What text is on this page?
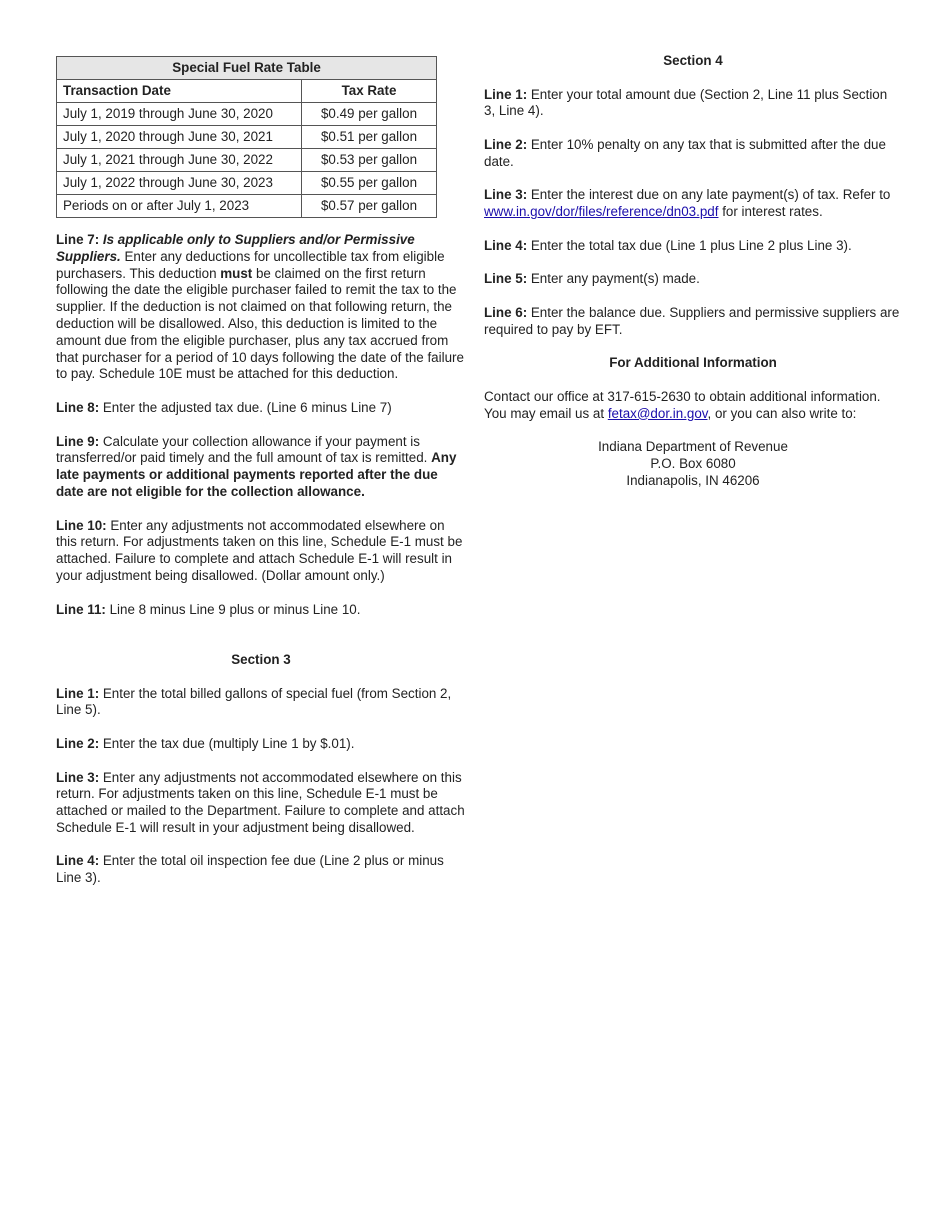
Special Fuel Rate Table	
Transaction Date	Tax Rate
July 1, 2019 through June 30, 2020	$0.49 per gallon
July 1, 2020 through June 30, 2021	$0.51 per gallon
July 1, 2021 through June 30, 2022	$0.53 per gallon
July 1, 2022 through June 30, 2023	$0.55 per gallon
Periods on or after July 1, 2023	$0.57 per gallon

Line 7: Is applicable only to Suppliers and/or Permissive Suppliers. Enter any deductions for uncollectible tax from eligible purchasers. This deduction must be claimed on the first return following the date the eligible purchaser failed to remit the tax to the supplier. If the deduction is not claimed on that following return, the deduction will be disallowed. Also, this deduction is limited to the amount due from the eligible purchaser, plus any tax accrued from that purchaser for a period of 10 days following the date of the failure to pay. Schedule 10E must be attached for this deduction.

Line 8: Enter the adjusted tax due. (Line 6 minus Line 7)

Line 9: Calculate your collection allowance if your payment is transferred/or paid timely and the full amount of tax is remitted. Any late payments or additional payments reported after the due date are not eligible for the collection allowance.

Line 10: Enter any adjustments not accommodated elsewhere on this return. For adjustments taken on this line, Schedule E-1 must be attached. Failure to complete and attach Schedule E-1 will result in your adjustment being disallowed. (Dollar amount only.)

Line 11: Line 8 minus Line 9 plus or minus Line 10.

Section 3

Line 1: Enter the total billed gallons of special fuel (from Section 2, Line 5).

Line 2: Enter the tax due (multiply Line 1 by $.01).

Line 3: Enter any adjustments not accommodated elsewhere on this return. For adjustments taken on this line, Schedule E-1 must be attached or mailed to the Department. Failure to complete and attach Schedule E-1 will result in your adjustment being disallowed.

Line 4: Enter the total oil inspection fee due (Line 2 plus or minus Line 3).

Section 4

Line 1: Enter your total amount due (Section 2, Line 11 plus Section 3, Line 4).

Line 2: Enter 10% penalty on any tax that is submitted after the due date.

Line 3: Enter the interest due on any late payment(s) of tax. Refer to www.in.gov/dor/files/reference/dn03.pdf for interest rates.

Line 4: Enter the total tax due (Line 1 plus Line 2 plus Line 3).

Line 5: Enter any payment(s) made.

Line 6: Enter the balance due. Suppliers and permissive suppliers are required to pay by EFT.

For Additional Information

Contact our office at 317-615-2630 to obtain additional information. You may email us at fetax@dor.in.gov, or you can also write to:

Indiana Department of Revenue

P.O. Box 6080

Indianapolis, IN 46206
